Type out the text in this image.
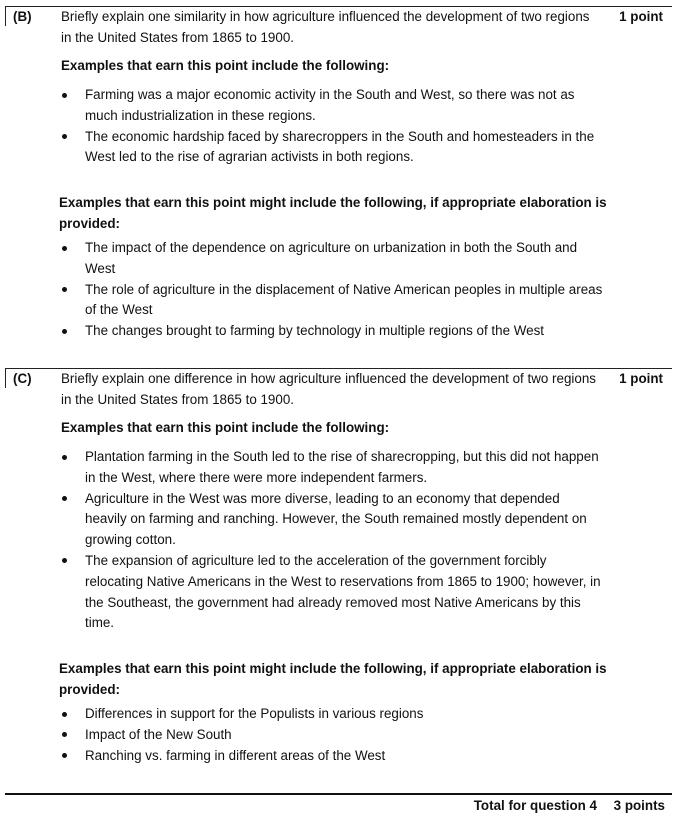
(B) Briefly explain one similarity in how agriculture influenced the development of two regions in the United States from 1865 to 1900.
1 point
Examples that earn this point include the following:
Farming was a major economic activity in the South and West, so there was not as much industrialization in these regions.
The economic hardship faced by sharecroppers in the South and homesteaders in the West led to the rise of agrarian activists in both regions.
Examples that earn this point might include the following, if appropriate elaboration is provided:
The impact of the dependence on agriculture on urbanization in both the South and West
The role of agriculture in the displacement of Native American peoples in multiple areas of the West
The changes brought to farming by technology in multiple regions of the West
(C) Briefly explain one difference in how agriculture influenced the development of two regions in the United States from 1865 to 1900.
1 point
Examples that earn this point include the following:
Plantation farming in the South led to the rise of sharecropping, but this did not happen in the West, where there were more independent farmers.
Agriculture in the West was more diverse, leading to an economy that depended heavily on farming and ranching. However, the South remained mostly dependent on growing cotton.
The expansion of agriculture led to the acceleration of the government forcibly relocating Native Americans in the West to reservations from 1865 to 1900; however, in the Southeast, the government had already removed most Native Americans by this time.
Examples that earn this point might include the following, if appropriate elaboration is provided:
Differences in support for the Populists in various regions
Impact of the New South
Ranching vs. farming in different areas of the West
Total for question 4 3 points
